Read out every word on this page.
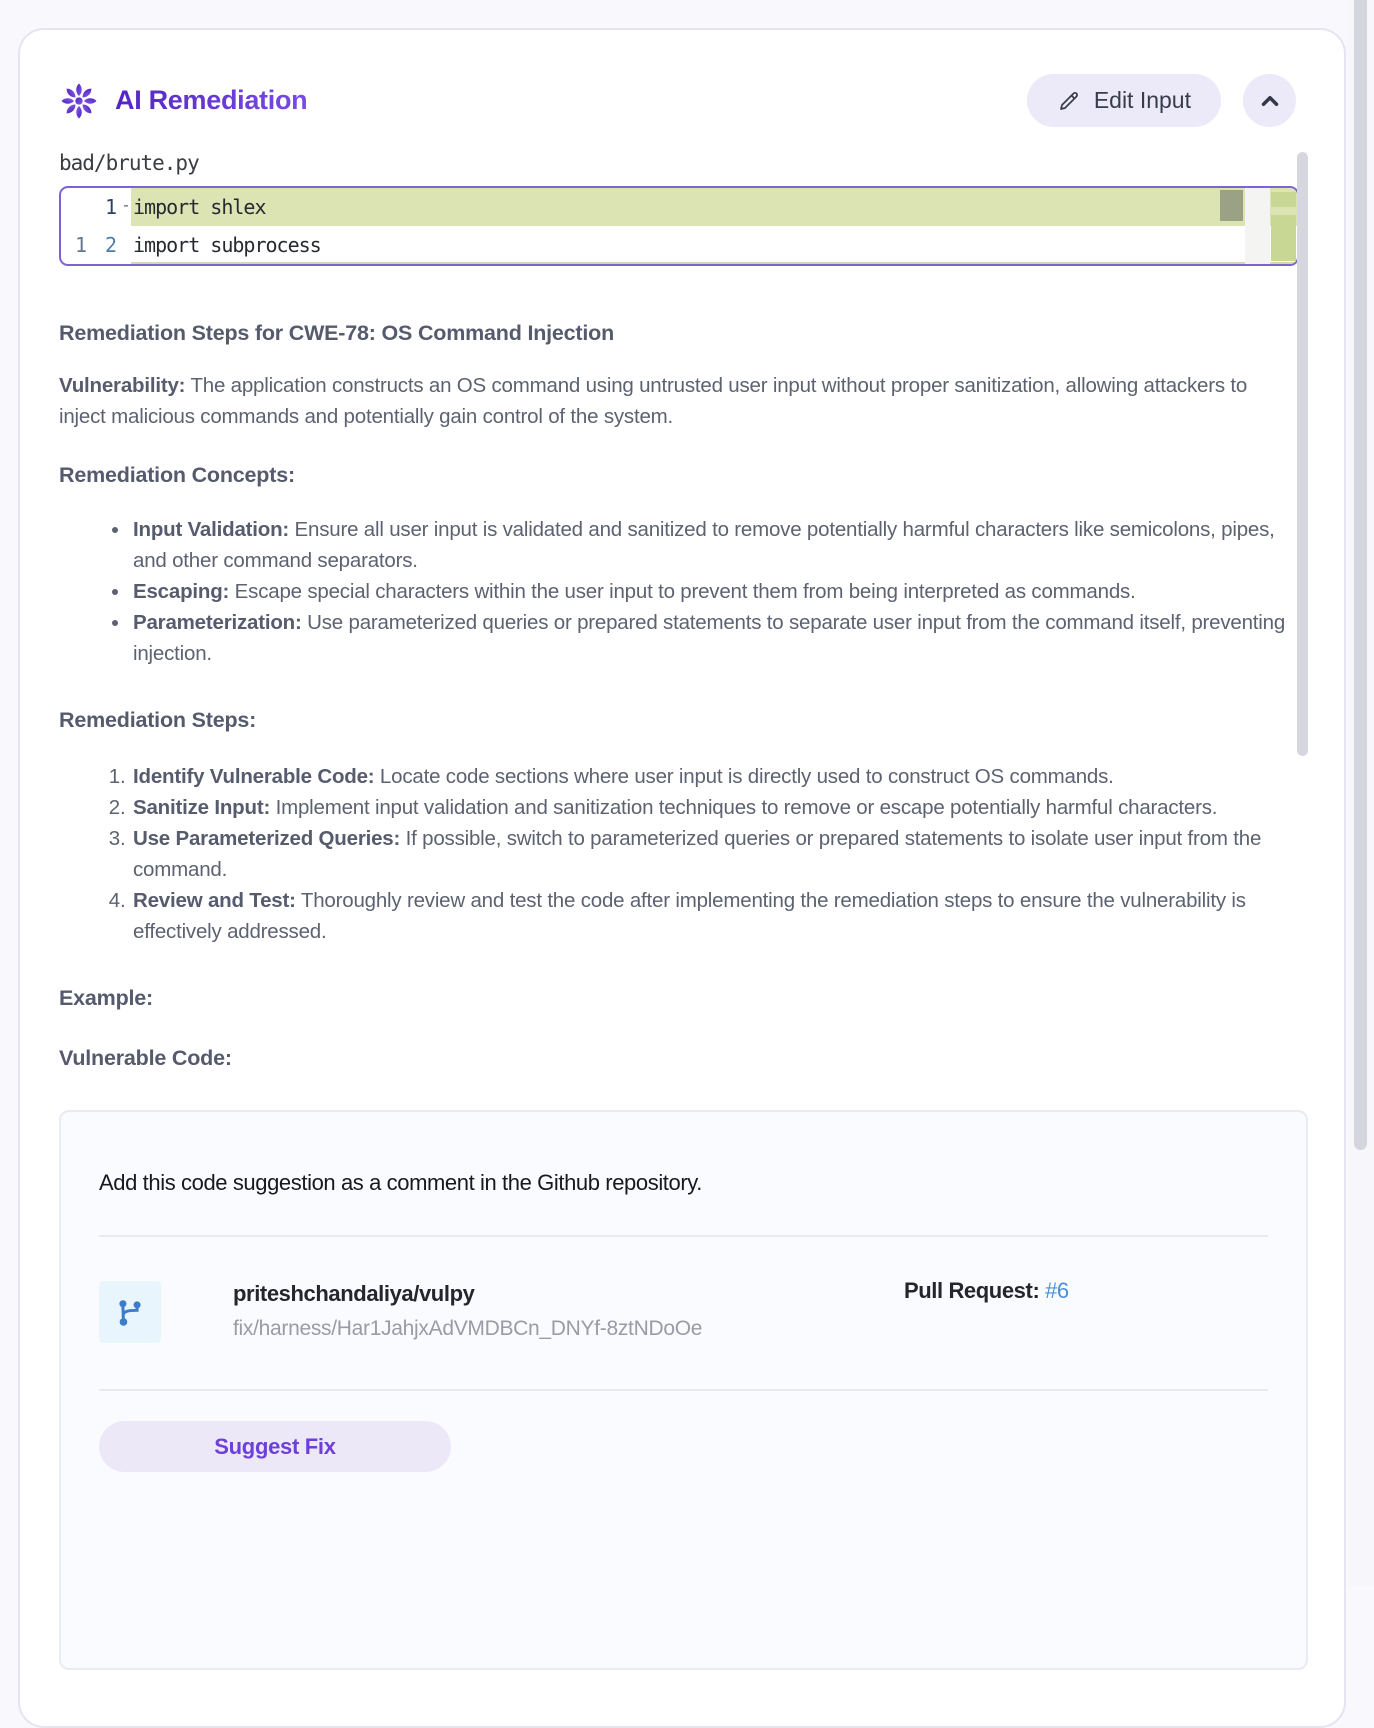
AI Remediation	Edit Input
bad/brute.py
1 - import shlex
1 2 import subprocess
Remediation Steps for CWE-78: OS Command Injection

Vulnerability: The application constructs an OS command using untrusted user input without proper sanitization, allowing attackers to inject malicious commands and potentially gain control of the system.

Remediation Concepts:
• Input Validation: Ensure all user input is validated and sanitized to remove potentially harmful characters like semicolons, pipes, and other command separators.
• Escaping: Escape special characters within the user input to prevent them from being interpreted as commands.
• Parameterization: Use parameterized queries or prepared statements to separate user input from the command itself, preventing injection.
Remediation Steps:
1. Identify Vulnerable Code: Locate code sections where user input is directly used to construct OS commands.
2. Sanitize Input: Implement input validation and sanitization techniques to remove or escape potentially harmful characters.
3. Use Parameterized Queries: If possible, switch to parameterized queries or prepared statements to isolate user input from the command.
4. Review and Test: Thoroughly review and test the code after implementing the remediation steps to ensure the vulnerability is effectively addressed.
Example:
Vulnerable Code:
Add this code suggestion as a comment in the Github repository.
priteshchandaliya/vulpy
fix/harness/Har1JahjxAdVMDBCn_DNYf-8ztNDoOe
Pull Request: #6
Suggest Fix
